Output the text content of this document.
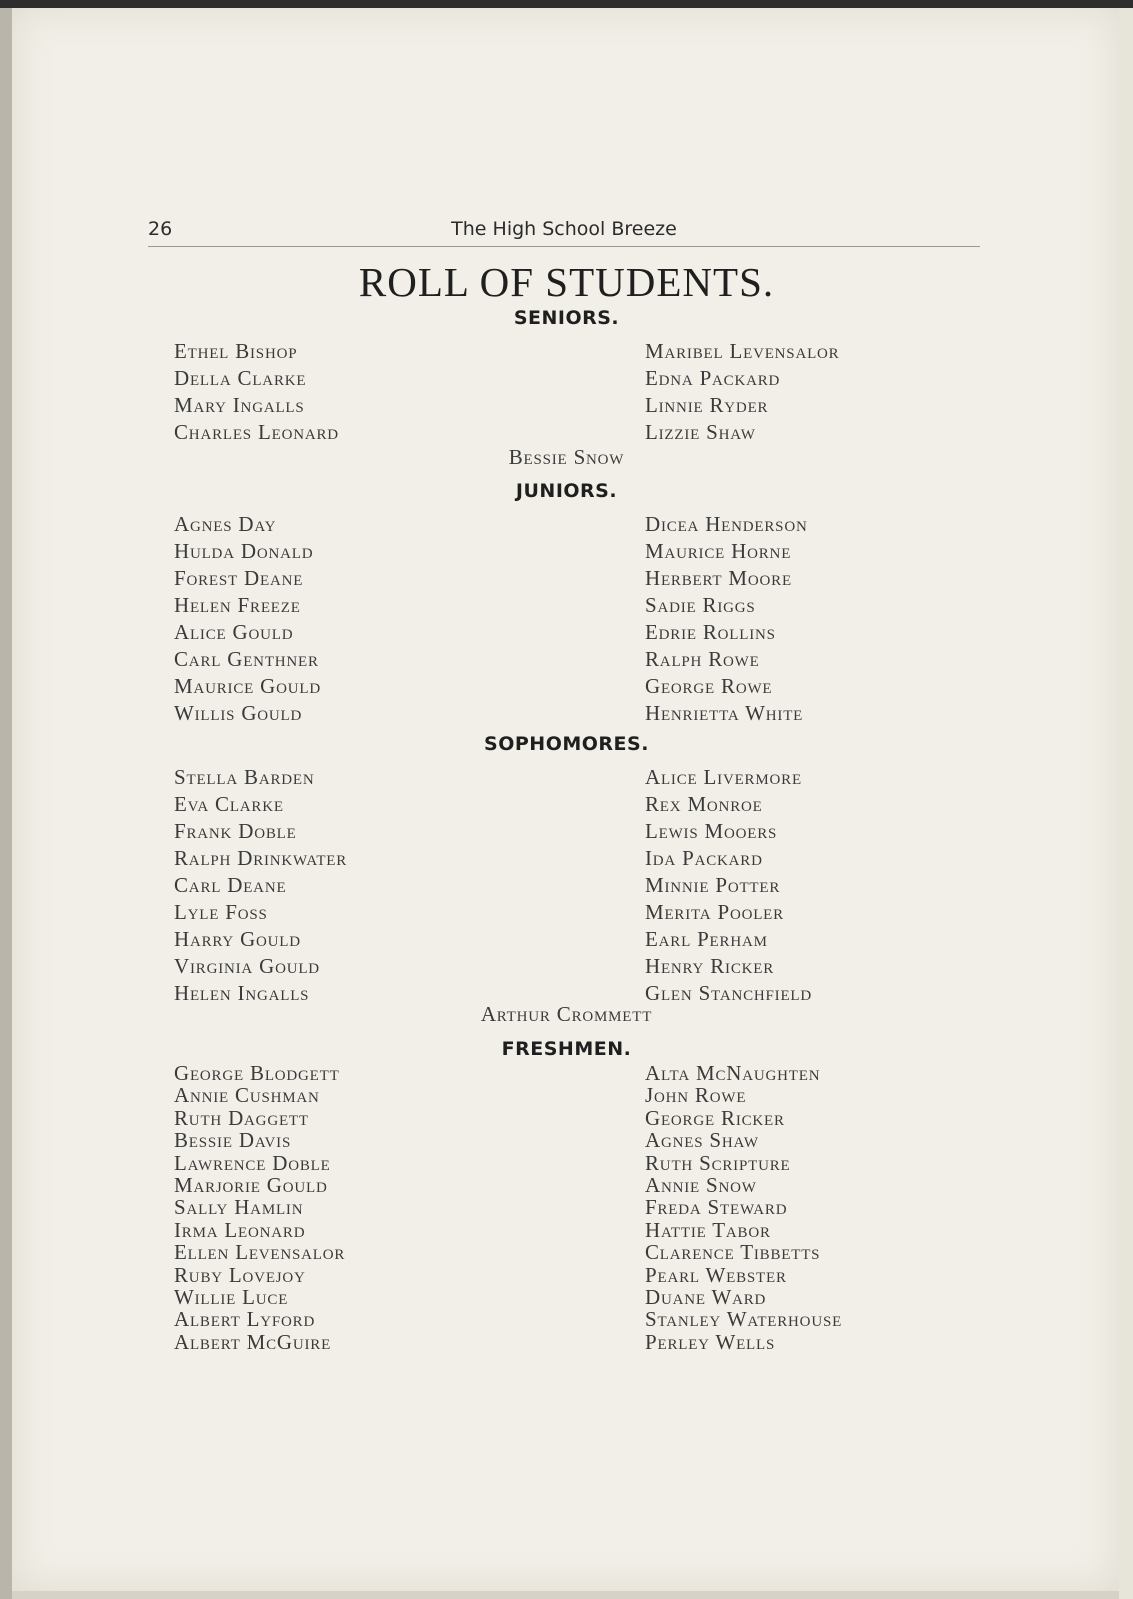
26	The High School Breeze
ROLL OF STUDENTS.
SENIORS.
Ethel Bishop
Della Clarke
Mary Ingalls
Charles Leonard
Maribel Levensalor
Edna Packard
Linnie Ryder
Lizzie Shaw
Bessie Snow
JUNIORS.
Agnes Day
Hulda Donald
Forest Deane
Helen Freeze
Alice Gould
Carl Genthner
Maurice Gould
Willis Gould
Dicea Henderson
Maurice Horne
Herbert Moore
Sadie Riggs
Edrie Rollins
Ralph Rowe
George Rowe
Henrietta White
SOPHOMORES.
Stella Barden
Eva Clarke
Frank Doble
Ralph Drinkwater
Carl Deane
Lyle Foss
Harry Gould
Virginia Gould
Helen Ingalls
Alice Livermore
Rex Monroe
Lewis Mooers
Ida Packard
Minnie Potter
Merita Pooler
Earl Perham
Henry Ricker
Glen Stanchfield
Arthur Crommett
FRESHMEN.
George Blodgett
Annie Cushman
Ruth Daggett
Bessie Davis
Lawrence Doble
Marjorie Gould
Sally Hamlin
Irma Leonard
Ellen Levensalor
Ruby Lovejoy
Willie Luce
Albert Lyford
Albert McGuire
Alta McNaughten
John Rowe
George Ricker
Agnes Shaw
Ruth Scripture
Annie Snow
Freda Steward
Hattie Tabor
Clarence Tibbetts
Pearl Webster
Duane Ward
Stanley Waterhouse
Perley Wells
